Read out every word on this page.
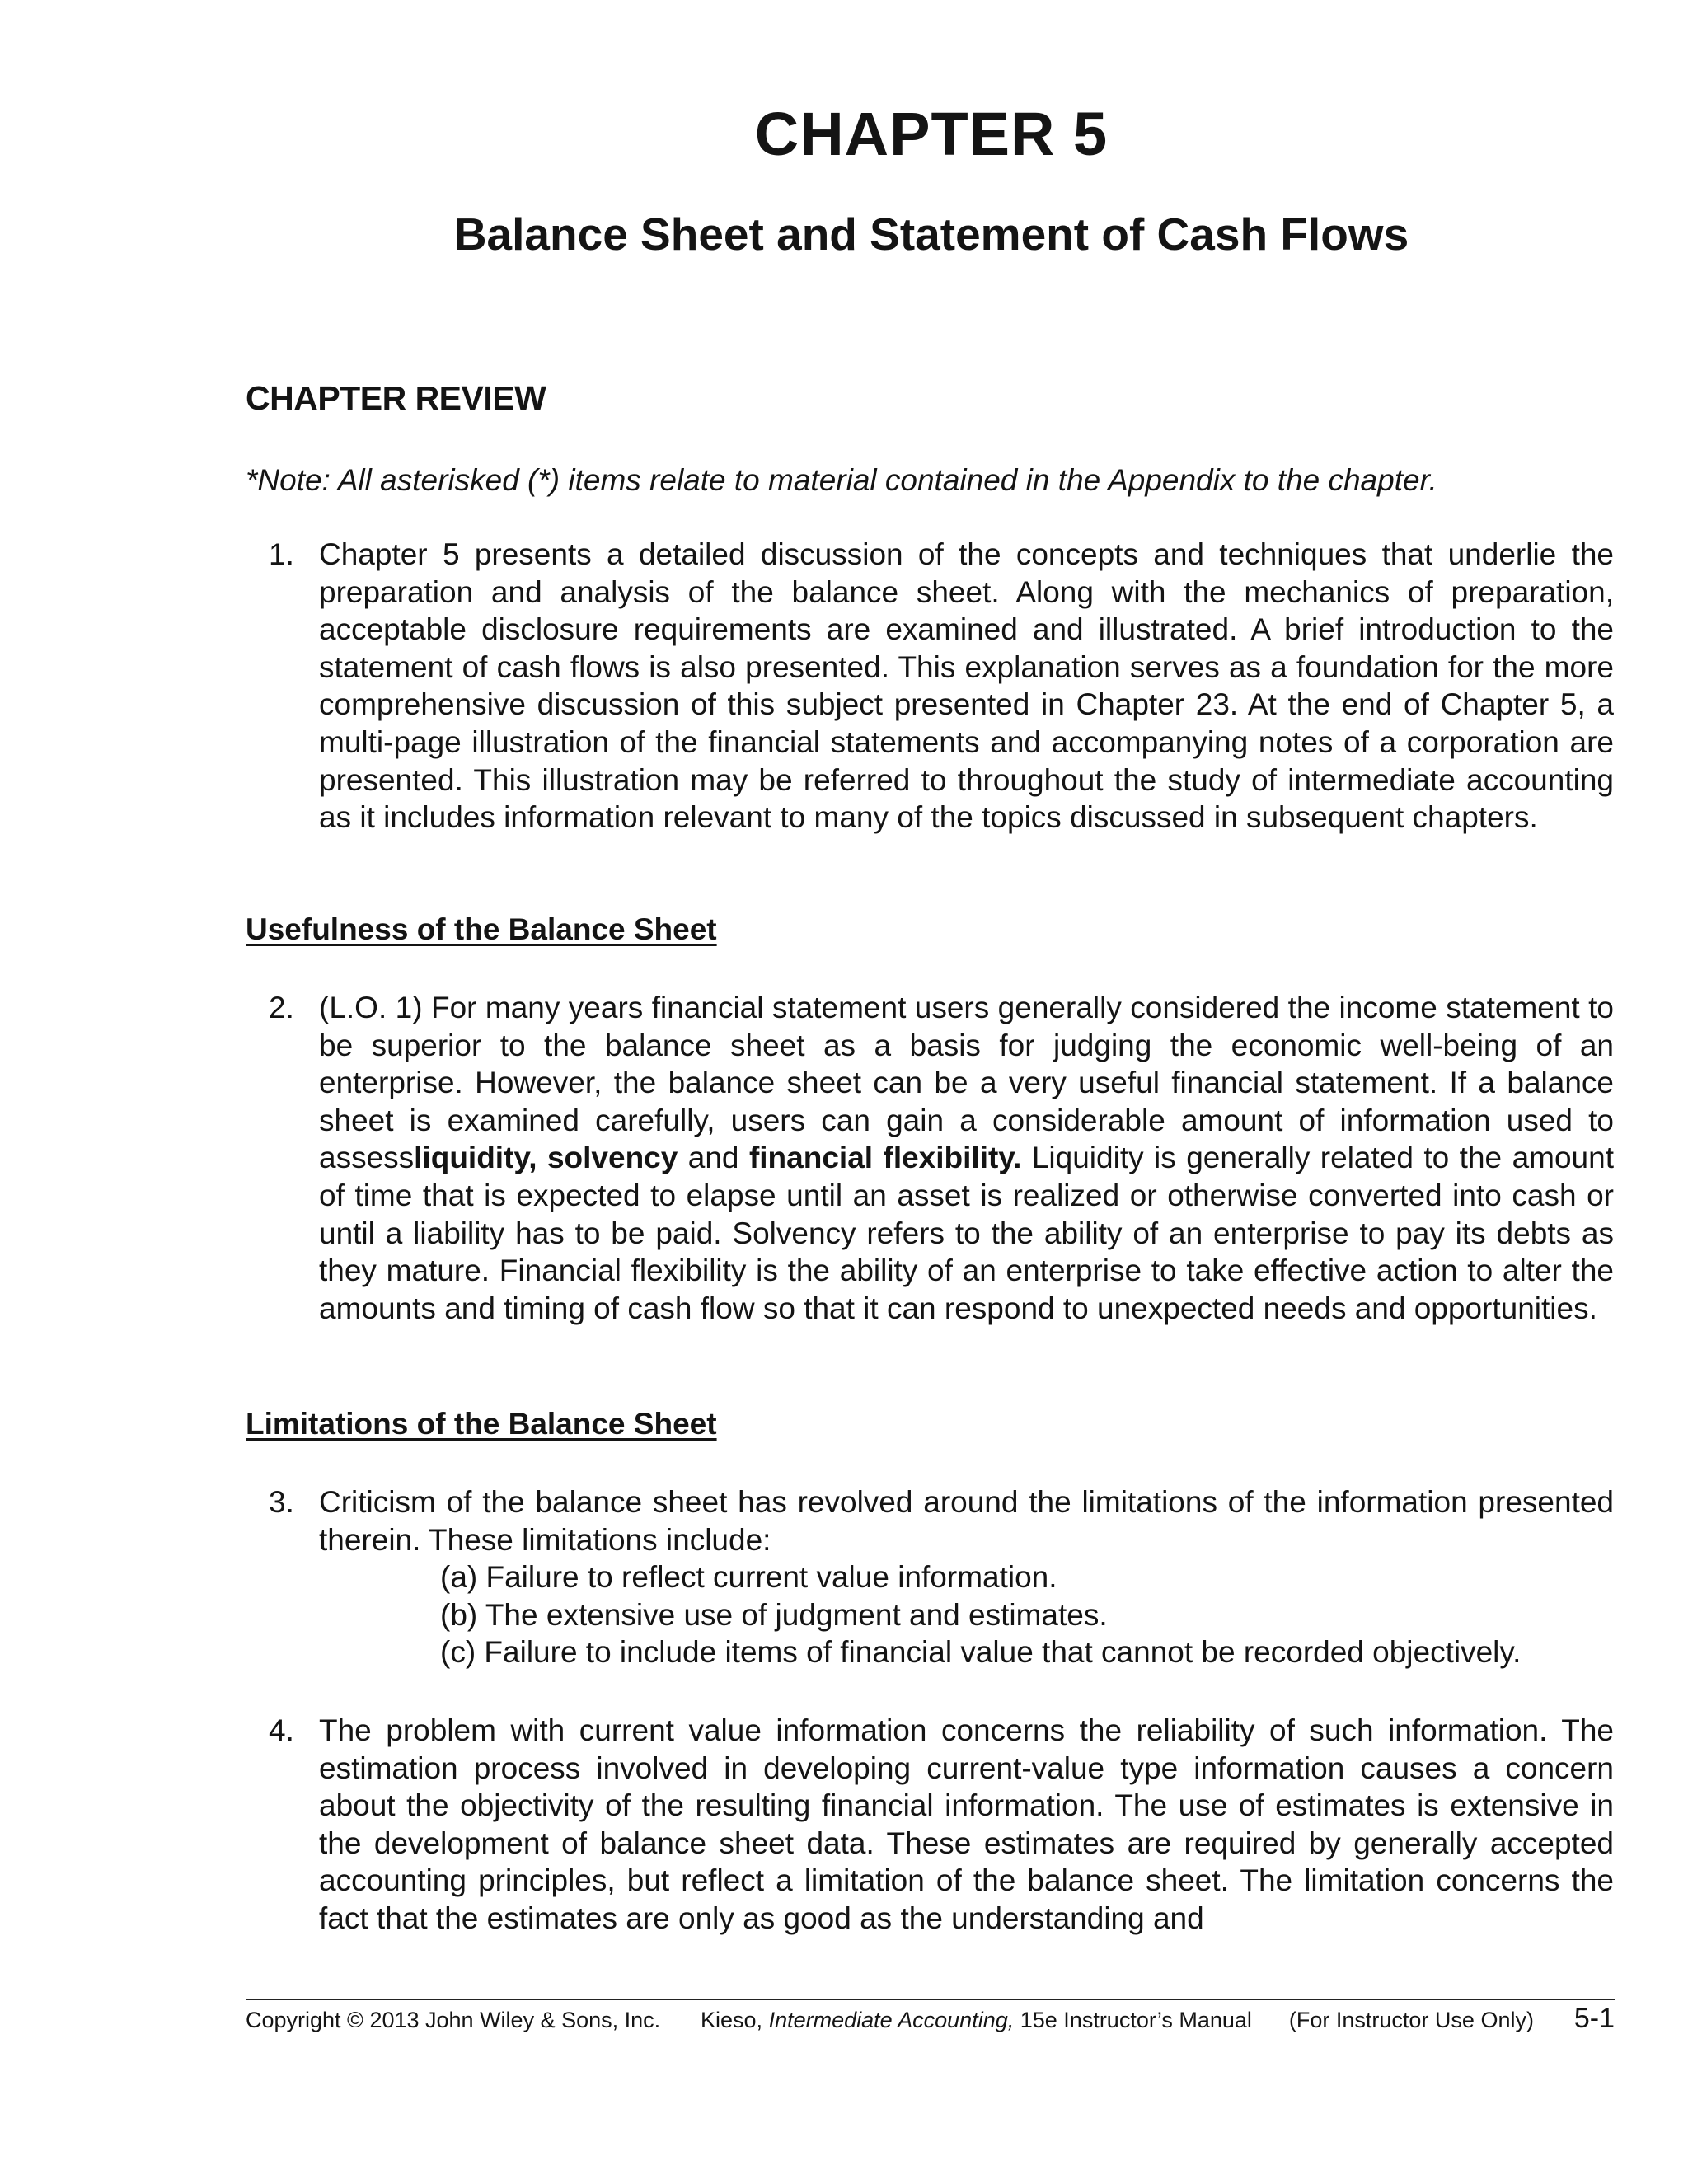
CHAPTER 5
Balance Sheet and Statement of Cash Flows
CHAPTER REVIEW

*Note: All asterisked (*) items relate to material contained in the Appendix to the chapter.

1. Chapter 5 presents a detailed discussion of the concepts and techniques that underlie the preparation and analysis of the balance sheet. Along with the mechanics of preparation, acceptable disclosure requirements are examined and illustrated. A brief introduction to the statement of cash flows is also presented. This explanation serves as a foundation for the more comprehensive discussion of this subject presented in Chapter 23. At the end of Chapter 5, a multi-page illustration of the financial statements and accompanying notes of a corporation are presented. This illustration may be referred to throughout the study of intermediate accounting as it includes information relevant to many of the topics discussed in subsequent chapters.
Usefulness of the Balance Sheet
2. (L.O. 1) For many years financial statement users generally considered the income statement to be superior to the balance sheet as a basis for judging the economic well-being of an enterprise. However, the balance sheet can be a very useful financial statement. If a balance sheet is examined carefully, users can gain a considerable amount of information used to assessliquidity, solvency and financial flexibility. Liquidity is generally related to the amount of time that is expected to elapse until an asset is realized or otherwise converted into cash or until a liability has to be paid. Solvency refers to the ability of an enterprise to pay its debts as they mature. Financial flexibility is the ability of an enterprise to take effective action to alter the amounts and timing of cash flow so that it can respond to unexpected needs and opportunities.
Limitations of the Balance Sheet
3. Criticism of the balance sheet has revolved around the limitations of the information presented therein. These limitations include:
(a) Failure to reflect current value information.
(b) The extensive use of judgment and estimates.
(c) Failure to include items of financial value that cannot be recorded objectively.
4. The problem with current value information concerns the reliability of such information. The estimation process involved in developing current-value type information causes a concern about the objectivity of the resulting financial information. The use of estimates is extensive in the development of balance sheet data. These estimates are required by generally accepted accounting principles, but reflect a limitation of the balance sheet. The limitation concerns the fact that the estimates are only as good as the understanding and
Copyright © 2013 John Wiley & Sons, Inc. Kieso, Intermediate Accounting, 15e Instructor’s Manual (For Instructor Use Only) 5-1
